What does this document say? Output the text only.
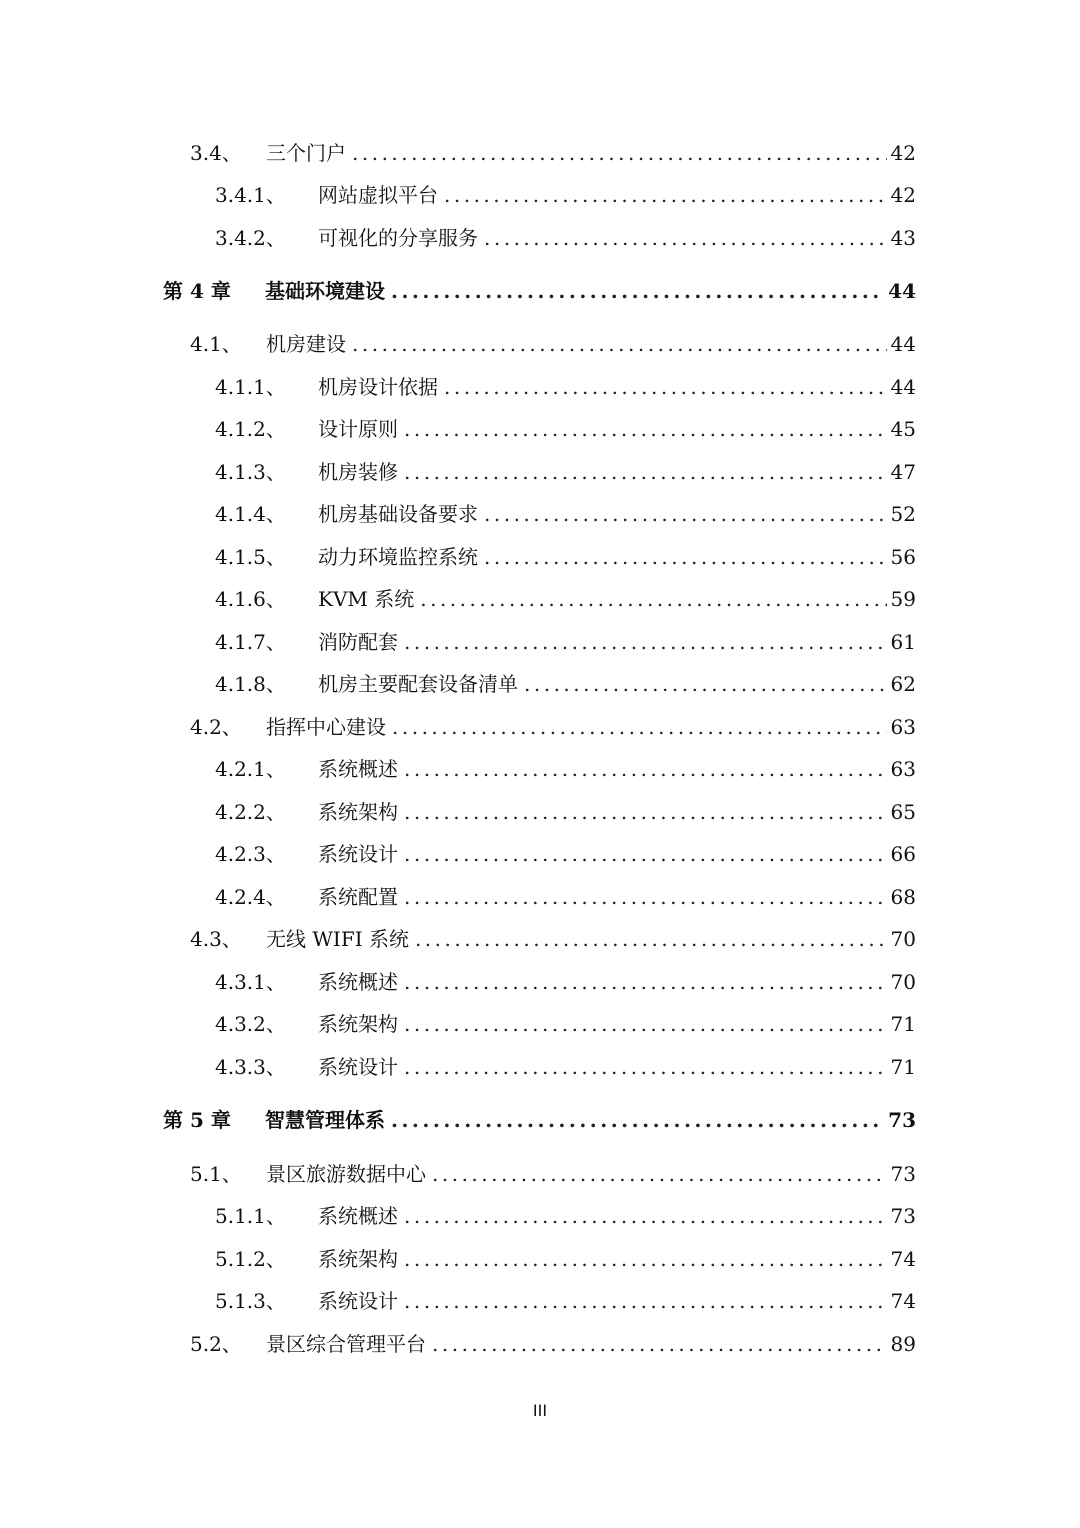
3.4、	三个门户 .....	42
3.4.1、	网站虚拟平台 .....	42
3.4.2、	可视化的分享服务 .....	43
第 4 章	基础环境建设 .....	44
4.1、	机房建设 .....	44
4.1.1、	机房设计依据 .....	44
4.1.2、	设计原则 .....	45
4.1.3、	机房装修 .....	47
4.1.4、	机房基础设备要求 .....	52
4.1.5、	动力环境监控系统 .....	56
4.1.6、	KVM 系统 .....	59
4.1.7、	消防配套 .....	61
4.1.8、	机房主要配套设备清单 .....	62
4.2、	指挥中心建设 .....	63
4.2.1、	系统概述 .....	63
4.2.2、	系统架构 .....	65
4.2.3、	系统设计 .....	66
4.2.4、	系统配置 .....	68
4.3、	无线 WIFI 系统 .....	70
4.3.1、	系统概述 .....	70
4.3.2、	系统架构 .....	71
4.3.3、	系统设计 .....	71
第 5 章	智慧管理体系 .....	73
5.1、	景区旅游数据中心 .....	73
5.1.1、	系统概述 .....	73
5.1.2、	系统架构 .....	74
5.1.3、	系统设计 .....	74
5.2、	景区综合管理平台 .....	89
III
